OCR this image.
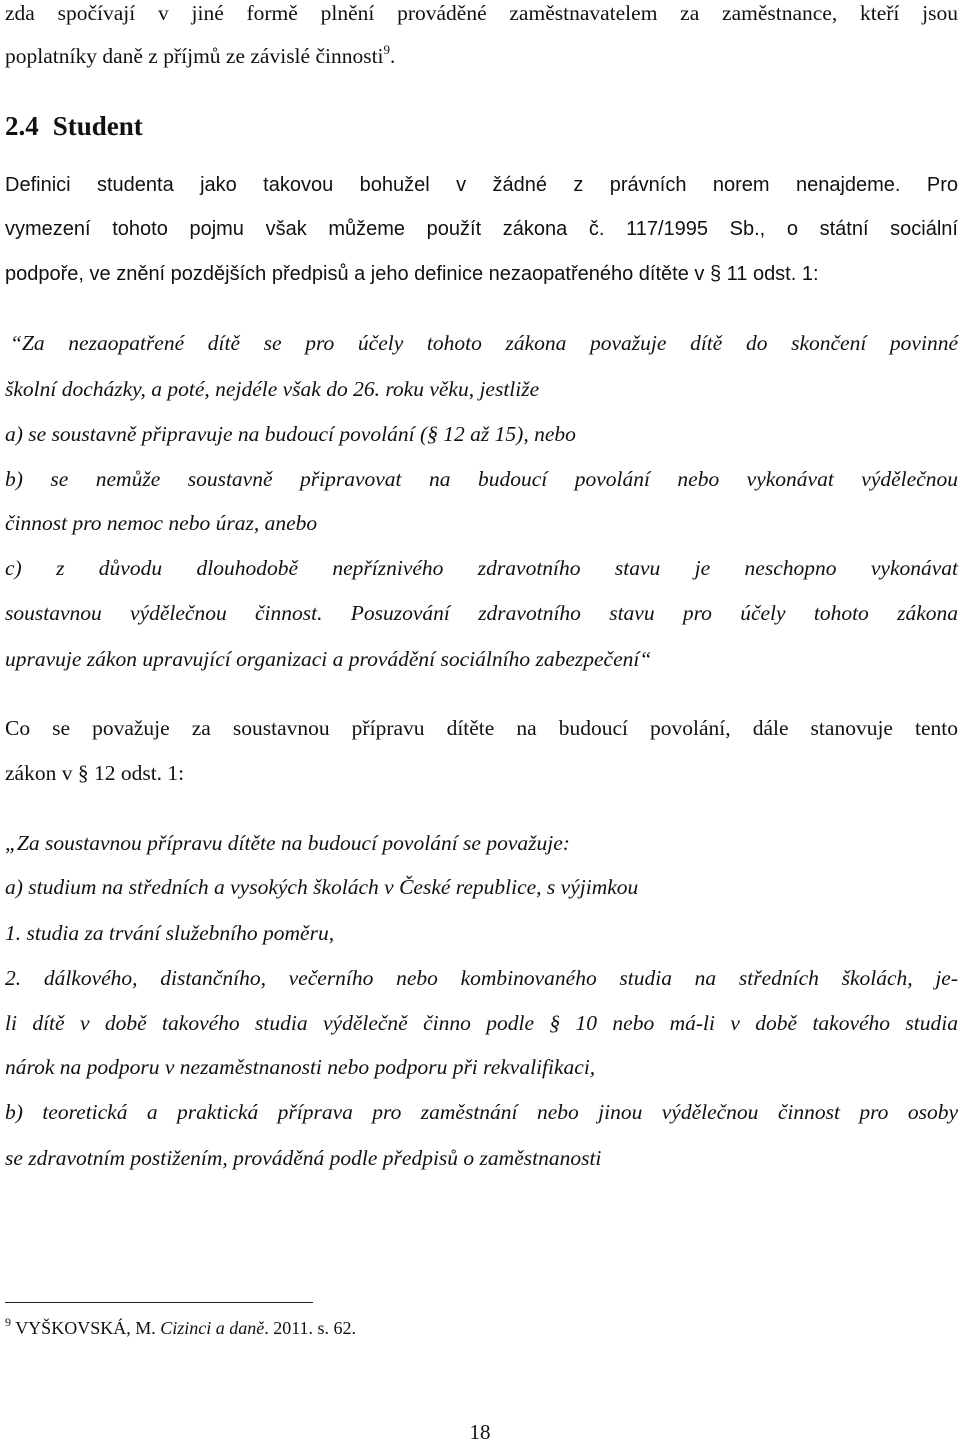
zda spočívají v jiné formě plnění prováděné zaměstnavatelem za zaměstnance, kteří jsou
poplatníky daně z příjmů ze závislé činnosti$^9$.
2.4 Student
Definici studenta jako takovou bohužel v žádné z právních norem nenajdeme. Pro
vymezení tohoto pojmu však můžeme použít zákona č. 117/1995 Sb., o státní sociální
podpoře, ve znění pozdějších předpisů a jeho definice nezaopatřeného dítěte v § 11 odst. 1:
“Za nezaopatřené dítě se pro účely tohoto zákona považuje dítě do skončení povinné
školní docházky, a poté, nejdéle však do 26. roku věku, jestliže
a) se soustavně připravuje na budoucí povolání (§ 12 až 15), nebo
b) se nemůže soustavně připravovat na budoucí povolání nebo vykonávat výdělečnou
činnost pro nemoc nebo úraz, anebo
c) z důvodu dlouhodobě nepříznivého zdravotního stavu je neschopno vykonávat
soustavnou výdělečnou činnost. Posuzování zdravotního stavu pro účely tohoto zákona
upravuje zákon upravující organizaci a provádění sociálního zabezpečení“
Co se považuje za soustavnou přípravu dítěte na budoucí povolání, dále stanovuje tento
zákon v § 12 odst. 1:
„Za soustavnou přípravu dítěte na budoucí povolání se považuje:
a) studium na středních a vysokých školách v České republice, s výjimkou
1. studia za trvání služebního poměru,
2. dálkového, distančního, večerního nebo kombinovaného studia na středních školách, je-
li dítě v době takového studia výdělečně činno podle § 10 nebo má-li v době takového studia
nárok na podporu v nezaměstnanosti nebo podporu při rekvalifikaci,
b) teoretická a praktická příprava pro zaměstnání nebo jinou výdělečnou činnost pro osoby
se zdravotním postižením, prováděná podle předpisů o zaměstnanosti
$^9$ VYŠKOVSKÁ, M. Cizinci a daně. 2011. s. 62.
18
